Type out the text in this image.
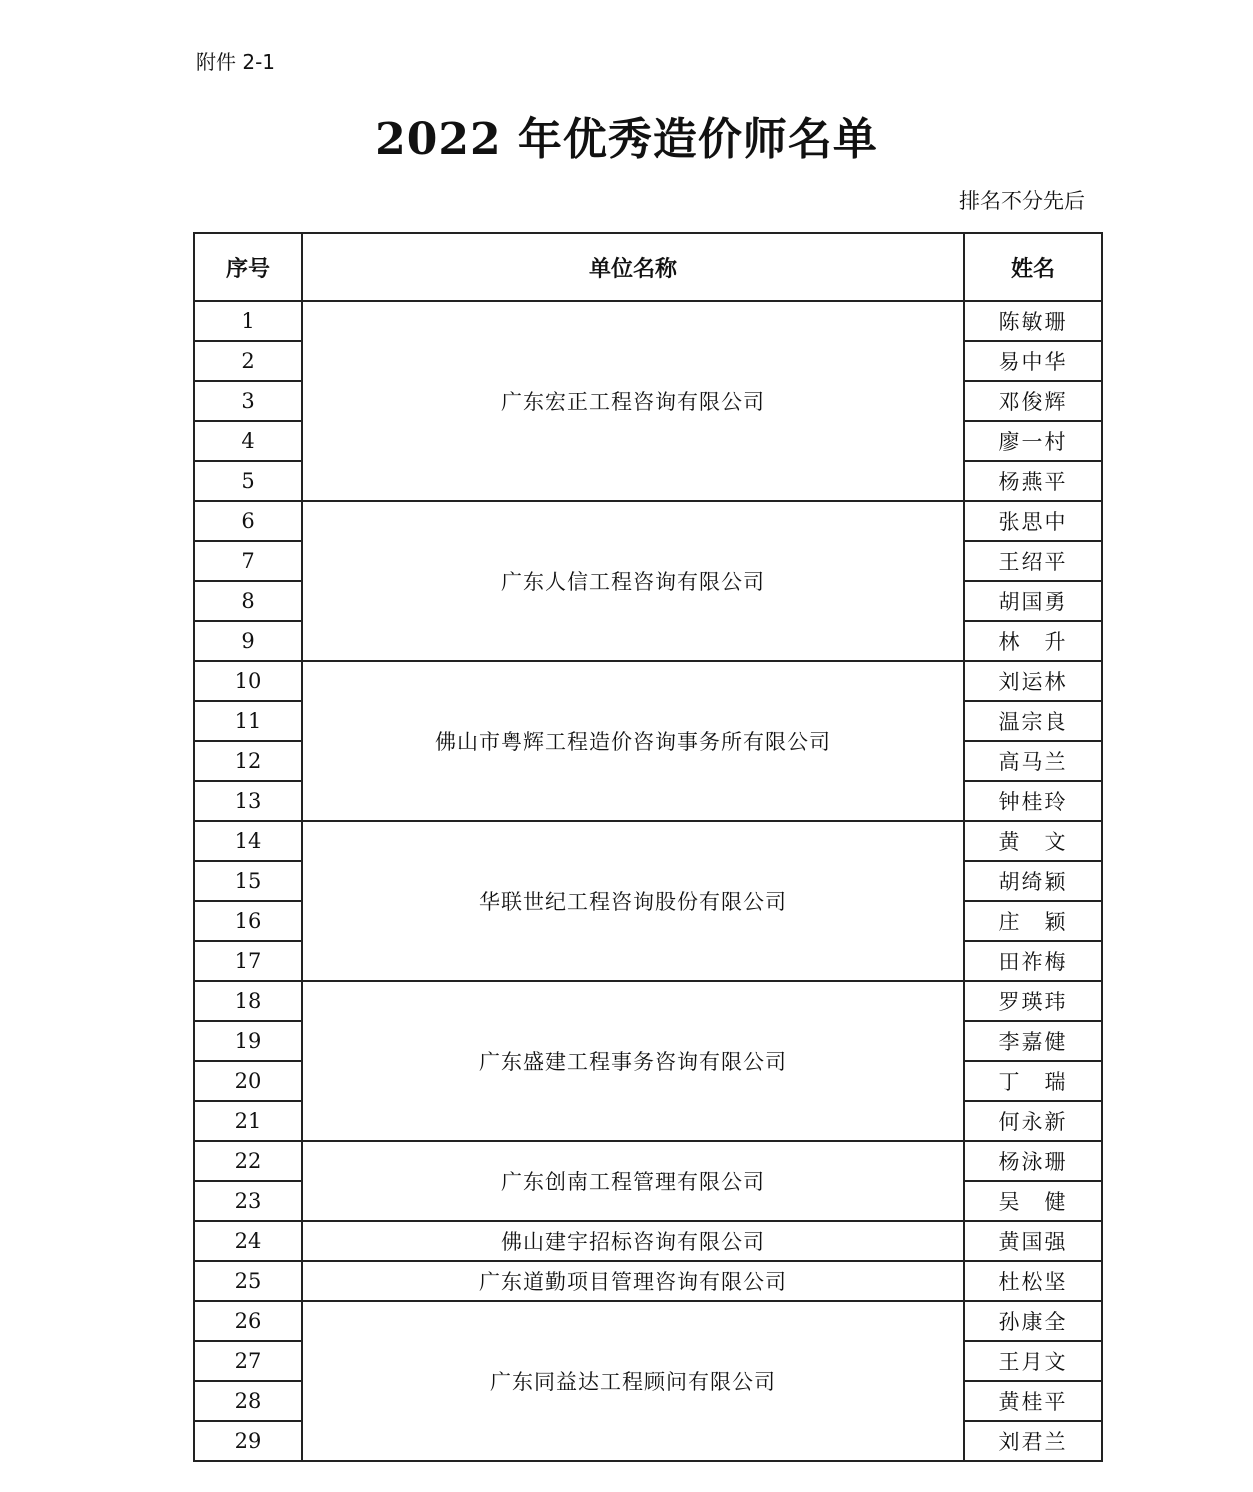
附件 2-1
2022 年优秀造价师名单
排名不分先后
序号	单位名称	姓名
1	广东宏正工程咨询有限公司	陈敏珊
2		易中华
3		邓俊辉
4		廖一村
5		杨燕平
6	广东人信工程咨询有限公司	张思中
7		王绍平
8		胡国勇
9		林　升
10	佛山市粤辉工程造价咨询事务所有限公司	刘运林
11		温宗良
12		高马兰
13		钟桂玲
14	华联世纪工程咨询股份有限公司	黄　文
15		胡绮颖
16		庄　颖
17		田祚梅
18	广东盛建工程事务咨询有限公司	罗瑛玮
19		李嘉健
20		丁　瑞
21		何永新
22	广东创南工程管理有限公司	杨泳珊
23		吴　健
24	佛山建宇招标咨询有限公司	黄国强
25	广东道勤项目管理咨询有限公司	杜松坚
26	广东同益达工程顾问有限公司	孙康全
27		王月文
28		黄桂平
29		刘君兰
